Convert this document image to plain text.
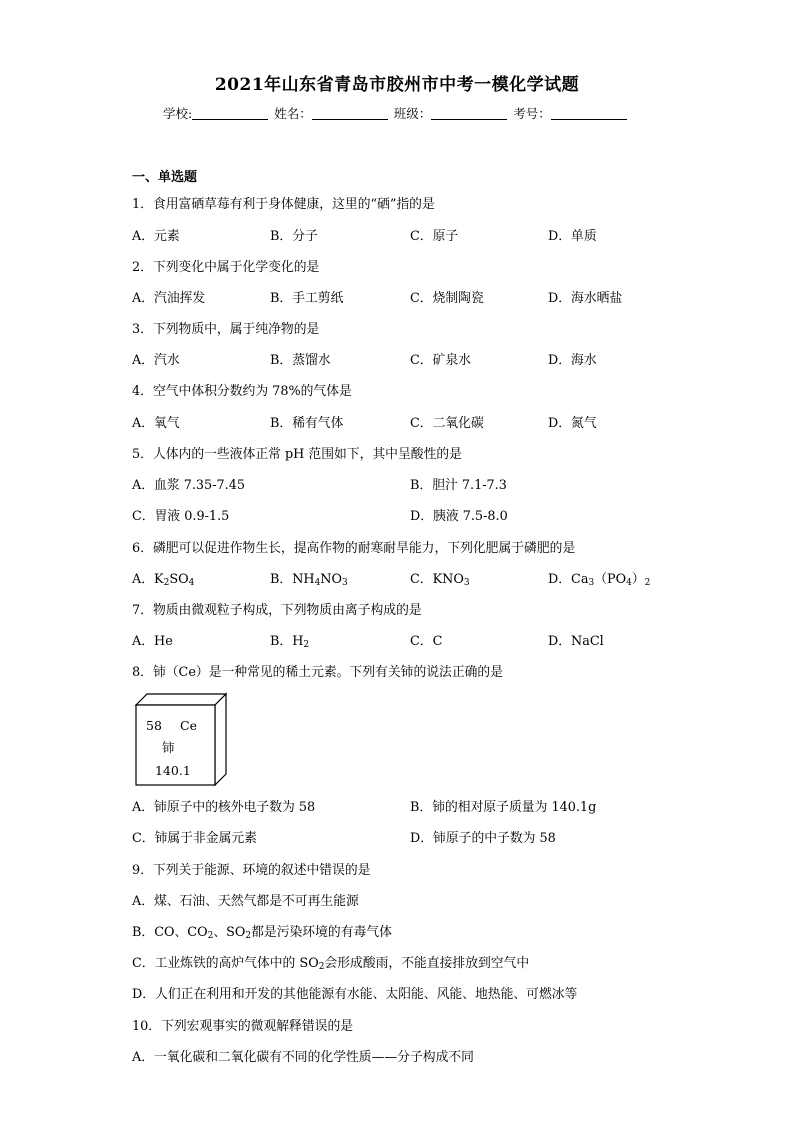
2021年山东省青岛市胶州市中考一模化学试题
学校:	姓名：	班级：	考号：
一、单选题
1．食用富硒草莓有利于身体健康，这里的“硒”指的是
A．元素	B．分子	C．原子	D．单质
2．下列变化中属于化学变化的是
A．汽油挥发	B．手工剪纸	C．烧制陶瓷	D．海水晒盐
3．下列物质中，属于纯净物的是
A．汽水	B．蒸馏水	C．矿泉水	D．海水
4．空气中体积分数约为 78%的气体是
A．氧气	B．稀有气体	C．二氧化碳	D．氮气
5．人体内的一些液体正常 pH 范围如下，其中呈酸性的是
A．血浆 7.35-7.45	B．胆汁 7.1-7.3
C．胃液 0.9-1.5	D．胰液 7.5-8.0
6．磷肥可以促进作物生长，提高作物的耐寒耐旱能力，下列化肥属于磷肥的是
A．$K_2SO_4$	B．$NH_4NO_3$	C．$KNO_3$	D．$Ca_3(PO_4)_2$
7．物质由微观粒子构成，下列物质由离子构成的是
A．He	B．$H_2$	C．C	D．NaCl
8．铈（Ce）是一种常见的稀土元素。下列有关铈的说法正确的是
58 Ce
铈
140.1
A．铈原子中的核外电子数为 58	B．铈的相对原子质量为 140.1g
C．铈属于非金属元素	D．铈原子的中子数为 58
9．下列关于能源、环境的叙述中错误的是
A．煤、石油、天然气都是不可再生能源
B．CO、$CO_2$、$SO_2$都是污染环境的有毒气体
C．工业炼铁的高炉气体中的 $SO_2$会形成酸雨，不能直接排放到空气中
D．人们正在利用和开发的其他能源有水能、太阳能、风能、地热能、可燃冰等
10．下列宏观事实的微观解释错误的是
A．一氧化碳和二氧化碳有不同的化学性质——分子构成不同
